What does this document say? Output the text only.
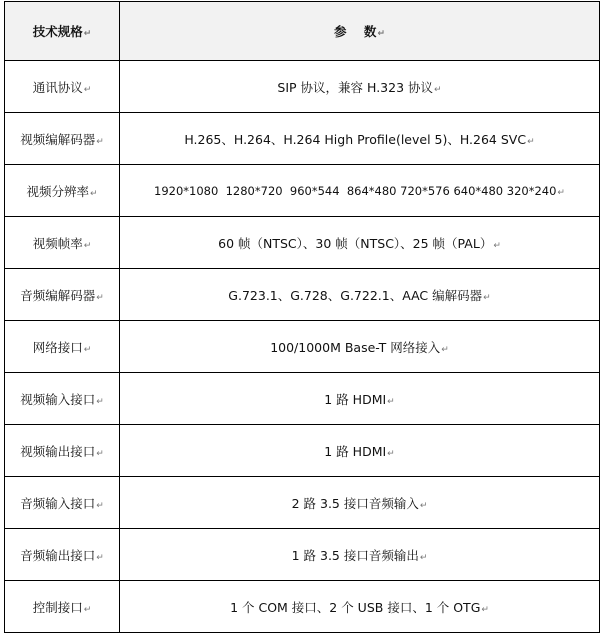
技术规格↵	参    数↵
通讯协议↵	SIP 协议，兼容 H.323 协议↵
视频编解码器↵	H.265、H.264、H.264 High Profile(level 5)、H.264 SVC↵
视频分辨率↵	1920*1080  1280*720  960*544  864*480 720*576 640*480 320*240↵
视频帧率↵	60 帧（NTSC）、30 帧（NTSC）、25 帧（PAL）↵
音频编解码器↵	G.723.1、G.728、G.722.1、AAC 编解码器↵
网络接口↵	100/1000M Base-T 网络接入↵
视频输入接口↵	1 路 HDMI↵
视频输出接口↵	1 路 HDMI↵
音频输入接口↵	2 路 3.5 接口音频输入↵
音频输出接口↵	1 路 3.5 接口音频输出↵
控制接口↵	1 个 COM 接口、2 个 USB 接口、1 个 OTG↵
